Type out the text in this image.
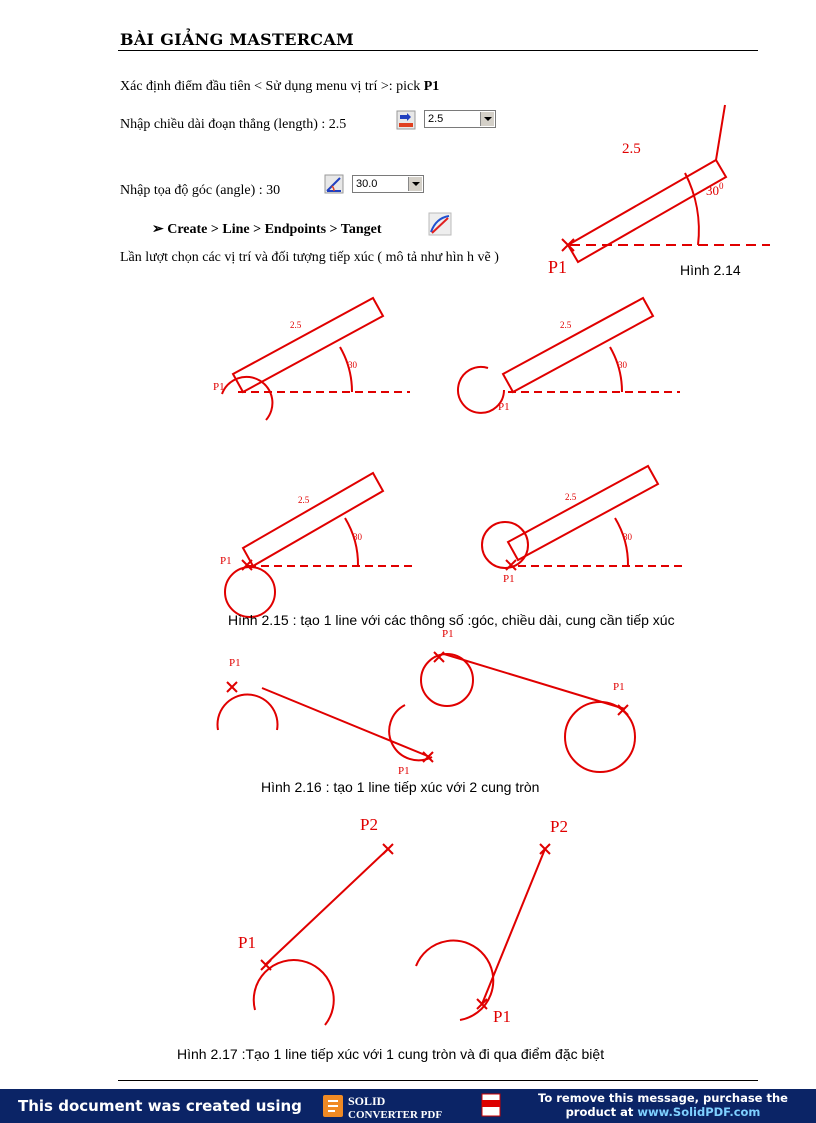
BÀI GIẢNG MASTERCAM
Xác định điểm đầu tiên < Sử dụng menu vị trí >: pick P1
Nhập chiều dài đoạn thẳng (length) : 2.5	2.5
Nhập tọa độ góc (angle) : 30	30.0
➢ Create > Line > Endpoints > Tanget
Lần lượt chọn các vị trí và đối tượng tiếp xúc ( mô tả như hìn h vẽ )
2.5
$30^0$
P1	Hình 2.14
2.5	2.5
2.5	2.5
30	30
30	30
P1
P1
P1
P1
Hình 2.15 : tạo 1 line với các thông số :góc, chiều dài, cung cần tiếp xúc
P1
P1
P1
P1
Hình 2.16 : tạo 1 line tiếp xúc với 2 cung tròn
P2	P2
P1
P1
Hình 2.17 :Tạo 1 line tiếp xúc với 1 cung tròn và đi qua điểm đặc biệt
This document was created using	SOLID
CONVERTER PDF
To remove this message, purchase the
product at www.SolidPDF.com
